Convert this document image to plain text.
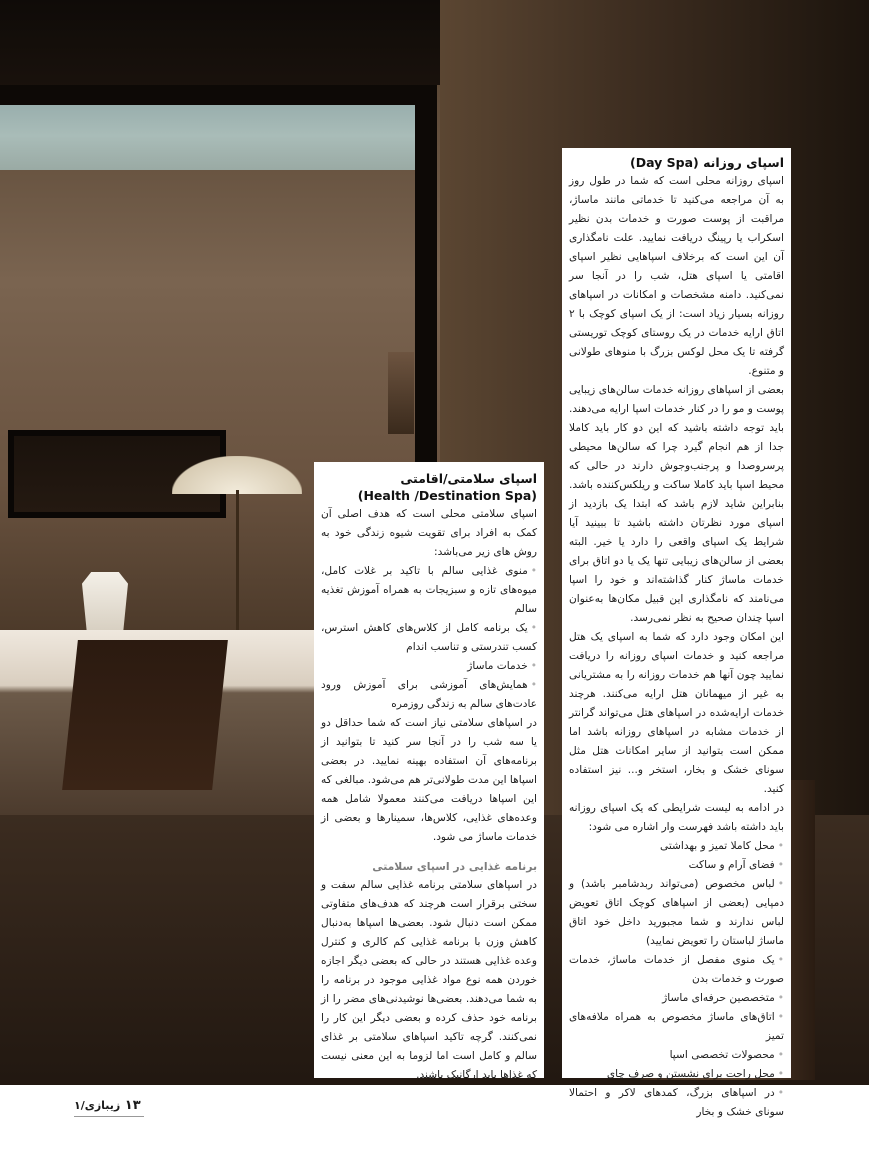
اسپای روزانه (Day Spa)

اسپای روزانه محلی است که شما در طول روز به آن مراجعه می‌کنید تا خدماتی مانند ماساژ، مراقبت از پوست صورت و خدمات بدن نظیر اسکراب یا رپینگ دریافت نمایید. علت نامگذاری آن این است که برخلاف اسپاهایی نظیر اسپای اقامتی یا اسپای هتل، شب را در آنجا سر نمی‌کنید. دامنه مشخصات و امکانات در اسپاهای روزانه بسیار زیاد است: از یک اسپای کوچک با ۲ اتاق ارایه خدمات در یک روستای کوچک توریستی گرفته تا یک محل لوکس بزرگ با منوهای طولانی و متنوع.

بعضی از اسپاهای روزانه خدمات سالن‌های زیبایی پوست و مو را در کنار خدمات اسپا ارایه می‌دهند. باید توجه داشته باشید که این دو کار باید کاملا جدا از هم انجام گیرد چرا که سالن‌ها محیطی پرسروصدا و پرجنب‌وجوش دارند در حالی که محیط اسپا باید کاملا ساکت و ریلکس‌کننده باشد. بنابراین شاید لازم باشد که ابتدا یک بازدید از اسپای مورد نظرتان داشته باشید تا ببینید آیا شرایط یک اسپای واقعی را دارد یا خیر. البته بعضی از سالن‌های زیبایی تنها یک یا دو اتاق برای خدمات ماساژ کنار گذاشته‌اند و خود را اسپا می‌نامند که نامگذاری این قبیل مکان‌ها به‌عنوان اسپا چندان صحیح به نظر نمی‌رسد.

این امکان وجود دارد که شما به اسپای یک هتل مراجعه کنید و خدمات اسپای روزانه را دریافت نمایید چون آنها هم خدمات روزانه را به مشتریانی به غیر از میهمانان هتل ارایه می‌کنند. هرچند خدمات ارایه‌شده در اسپاهای هتل می‌تواند گرانتر از خدمات مشابه در اسپاهای روزانه باشد اما ممکن است بتوانید از سایر امکانات هتل مثل سونای خشک و بخار، استخر و... نیز استفاده کنید.

در ادامه به لیست شرایطی که یک اسپای روزانه باید داشته باشد فهرست وار اشاره می شود:

•محل کاملا تمیز و بهداشتی
•فضای آرام و ساکت
•لباس مخصوص (می‌تواند ربدشامبر باشد) و دمپایی (بعضی از اسپاهای کوچک اتاق تعویض لباس ندارند و شما مجبورید داخل خود اتاق ماساژ لباستان را تعویض نمایید)
•یک منوی مفصل از خدمات ماساژ، خدمات صورت و خدمات بدن
•متخصصین حرفه‌ای ماساژ
•اتاق‌های ماساژ مخصوص به همراه ملافه‌های تمیز
•محصولات تخصصی اسپا
•محل راحت برای نشستن و صرف چای
•در اسپاهای بزرگ، کمدهای لاکر و احتمالا سونای خشک و بخار
اسپای سلامتی/اقامتی
(Health /Destination Spa)

اسپای سلامتی محلی است که هدف اصلی آن کمک به افراد برای تقویت شیوه زندگی خود به روش های زیر می‌باشد:

•منوی غذایی سالم با تاکید بر غلات کامل، میوه‌های تازه و سبزیجات به همراه آموزش تغذیه سالم
•یک برنامه کامل از کلاس‌های کاهش استرس، کسب تندرستی و تناسب اندام
•خدمات ماساژ
•همایش‌های آموزشی برای آموزش ورود عادت‌های سالم به زندگی روزمره

در اسپاهای سلامتی نیاز است که شما حداقل دو یا سه شب را در آنجا سر کنید تا بتوانید از برنامه‌های آن استفاده بهینه نمایید. در بعضی اسپاها این مدت طولانی‌تر هم می‌شود. مبالغی که این اسپاها دریافت می‌کنند معمولا شامل همه وعده‌های غذایی، کلاس‌ها، سمینارها و بعضی از خدمات ماساژ می شود.

برنامه غذایی در اسپای سلامتی

در اسپاهای سلامتی برنامه غذایی سالم سفت و سختی برقرار است هرچند که هدف‌های متفاوتی ممکن است دنبال شود. بعضی‌ها اسپاها به‌دنبال کاهش وزن با برنامه غذایی کم کالری و کنترل وعده غذایی هستند در حالی که بعضی دیگر اجازه خوردن همه نوع مواد غذایی موجود در برنامه را به شما می‌دهند. بعضی‌ها نوشیدنی‌های مضر را از برنامه خود حذف کرده و بعضی دیگر این کار را نمی‌کنند. گرچه تاکید اسپاهای سلامتی بر غذای سالم و کامل است اما لزوما به این معنی نیست که غذاها باید ارگانیک باشند.

۱۳ زیبازی/۱
